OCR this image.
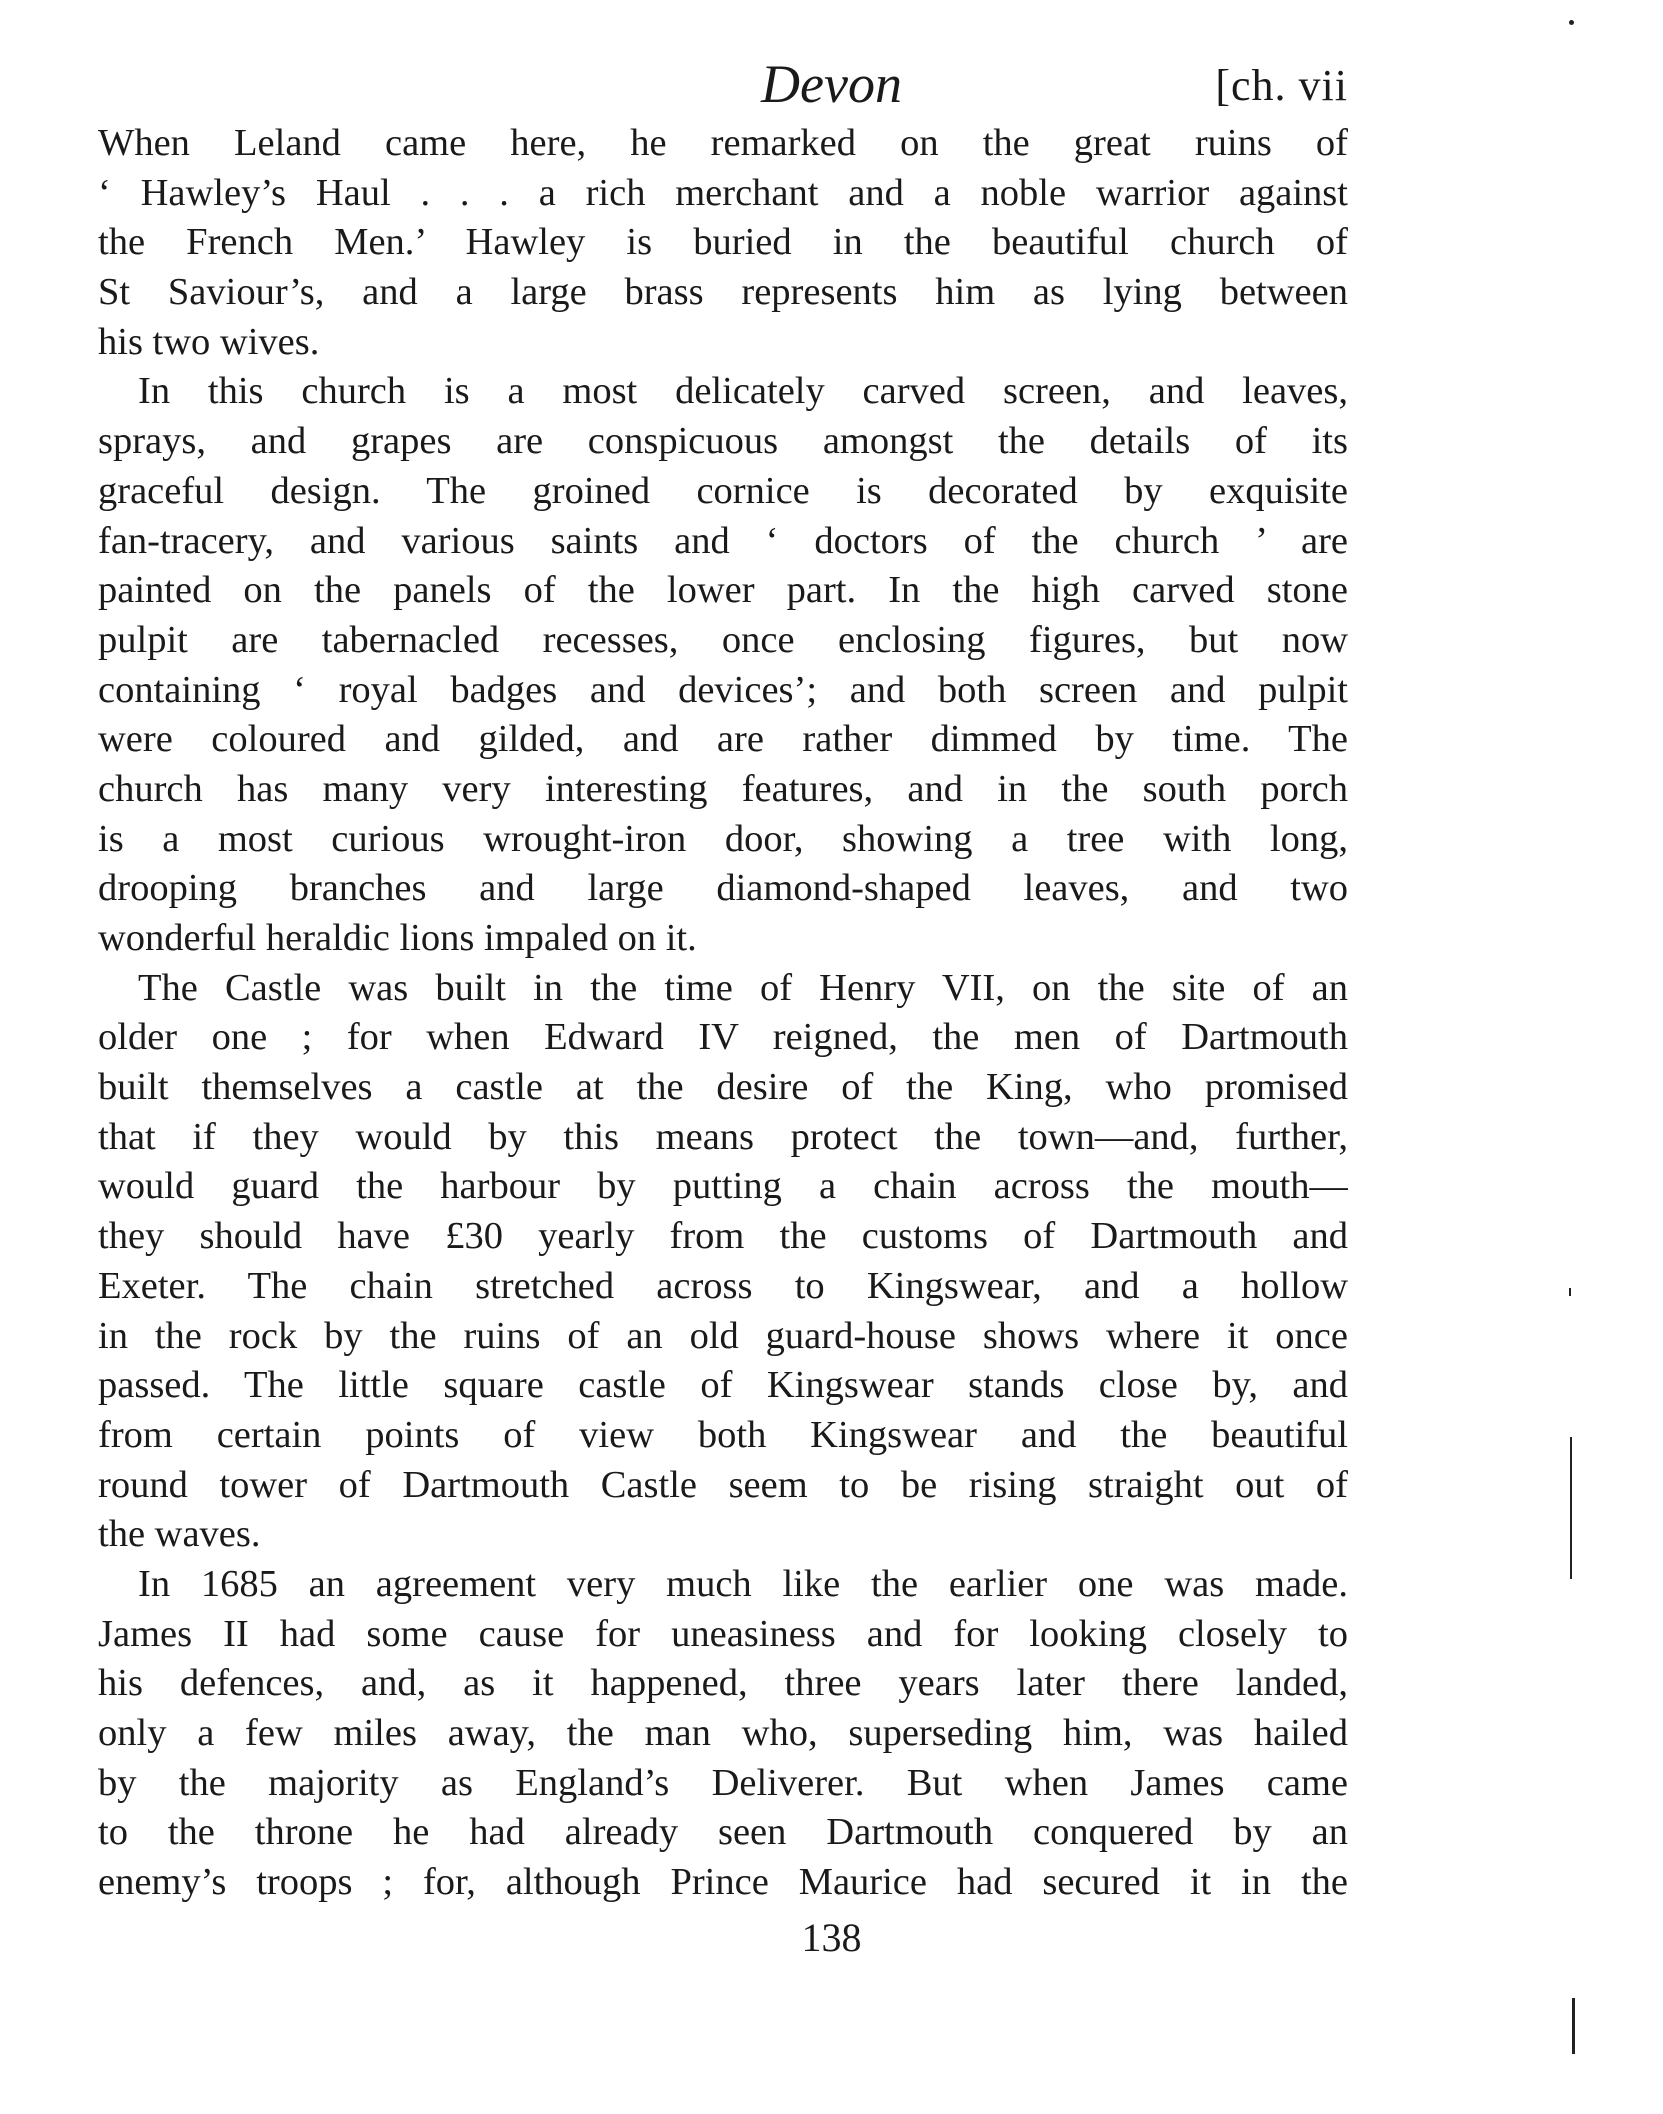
Devon	[ch. vii
When Leland came here, he remarked on the great ruins of
‘ Hawley’s Haul . . . a rich merchant and a noble warrior against
the French Men.’ Hawley is buried in the beautiful church of
St Saviour’s, and a large brass represents him as lying between
his two wives.
In this church is a most delicately carved screen, and leaves,
sprays, and grapes are conspicuous amongst the details of its
graceful design. The groined cornice is decorated by exquisite
fan-tracery, and various saints and ‘ doctors of the church ’ are
painted on the panels of the lower part. In the high carved stone
pulpit are tabernacled recesses, once enclosing figures, but now
containing ‘ royal badges and devices’; and both screen and pulpit
were coloured and gilded, and are rather dimmed by time. The
church has many very interesting features, and in the south porch
is a most curious wrought-iron door, showing a tree with long,
drooping branches and large diamond-shaped leaves, and two
wonderful heraldic lions impaled on it.
The Castle was built in the time of Henry VII, on the site of an
older one ; for when Edward IV reigned, the men of Dartmouth
built themselves a castle at the desire of the King, who promised
that if they would by this means protect the town—and, further,
would guard the harbour by putting a chain across the mouth—
they should have £30 yearly from the customs of Dartmouth and
Exeter. The chain stretched across to Kingswear, and a hollow
in the rock by the ruins of an old guard-house shows where it once
passed. The little square castle of Kingswear stands close by, and
from certain points of view both Kingswear and the beautiful
round tower of Dartmouth Castle seem to be rising straight out of
the waves.
In 1685 an agreement very much like the earlier one was made.
James II had some cause for uneasiness and for looking closely to
his defences, and, as it happened, three years later there landed,
only a few miles away, the man who, superseding him, was hailed
by the majority as England’s Deliverer. But when James came
to the throne he had already seen Dartmouth conquered by an
enemy’s troops ; for, although Prince Maurice had secured it in the
138
